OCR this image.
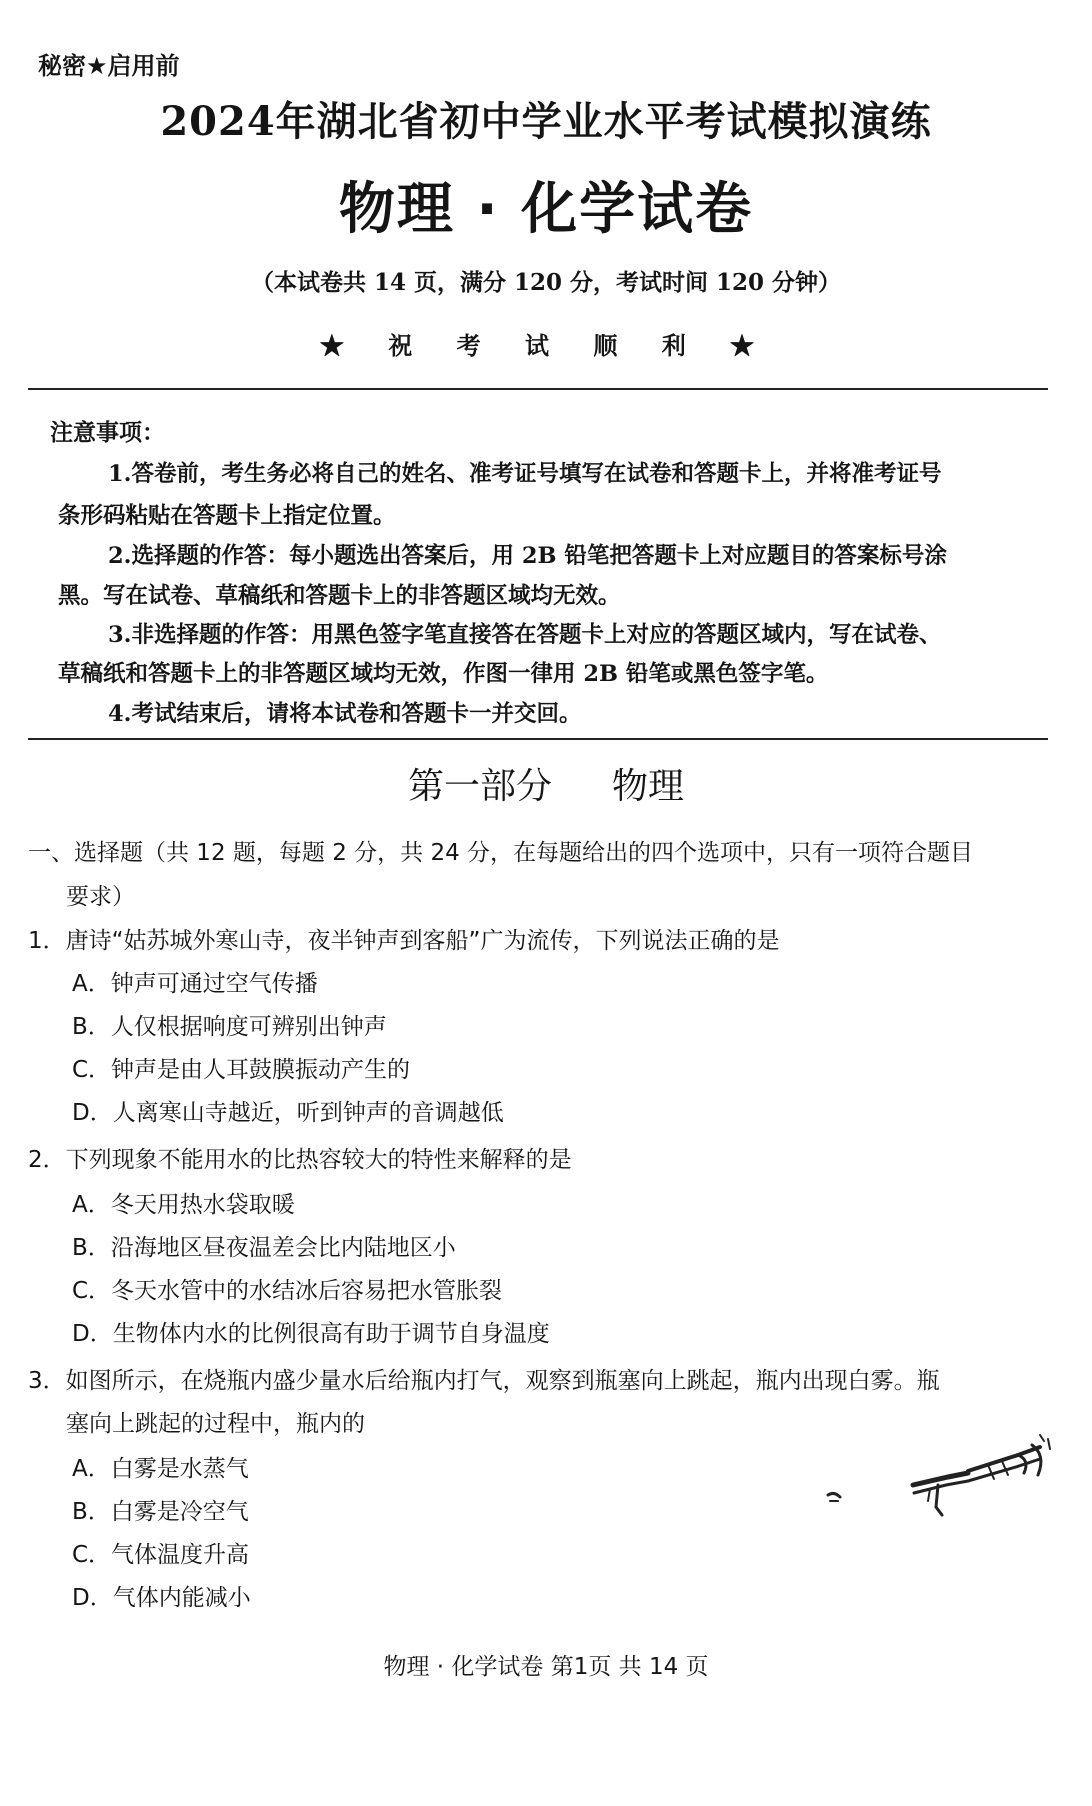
秘密★启用前
2024年湖北省初中学业水平考试模拟演练
物理 · 化学试卷
（本试卷共 14 页，满分 120 分，考试时间 120 分钟）
★ 祝 考 试 顺 利 ★
注意事项：
1.答卷前，考生务必将自己的姓名、准考证号填写在试卷和答题卡上，并将准考证号
条形码粘贴在答题卡上指定位置。
2.选择题的作答：每小题选出答案后，用 2B 铅笔把答题卡上对应题目的答案标号涂
黑。写在试卷、草稿纸和答题卡上的非答题区域均无效。
3.非选择题的作答：用黑色签字笔直接答在答题卡上对应的答题区域内，写在试卷、
草稿纸和答题卡上的非答题区域均无效，作图一律用 2B 铅笔或黑色签字笔。
4.考试结束后，请将本试卷和答题卡一并交回。
第一部分 物理
一、选择题（共 12 题，每题 2 分，共 24 分，在每题给出的四个选项中，只有一项符合题目
要求）
1．唐诗“姑苏城外寒山寺，夜半钟声到客船”广为流传，下列说法正确的是
A．钟声可通过空气传播
B．人仅根据响度可辨别出钟声
C．钟声是由人耳鼓膜振动产生的
D．人离寒山寺越近，听到钟声的音调越低
2．下列现象不能用水的比热容较大的特性来解释的是
A．冬天用热水袋取暖
B．沿海地区昼夜温差会比内陆地区小
C．冬天水管中的水结冰后容易把水管胀裂
D．生物体内水的比例很高有助于调节自身温度
3．如图所示，在烧瓶内盛少量水后给瓶内打气，观察到瓶塞向上跳起，瓶内出现白雾。瓶
塞向上跳起的过程中，瓶内的
A．白雾是水蒸气
B．白雾是冷空气
C．气体温度升高
D．气体内能减小
物理 · 化学试卷 第1页 共 14 页
